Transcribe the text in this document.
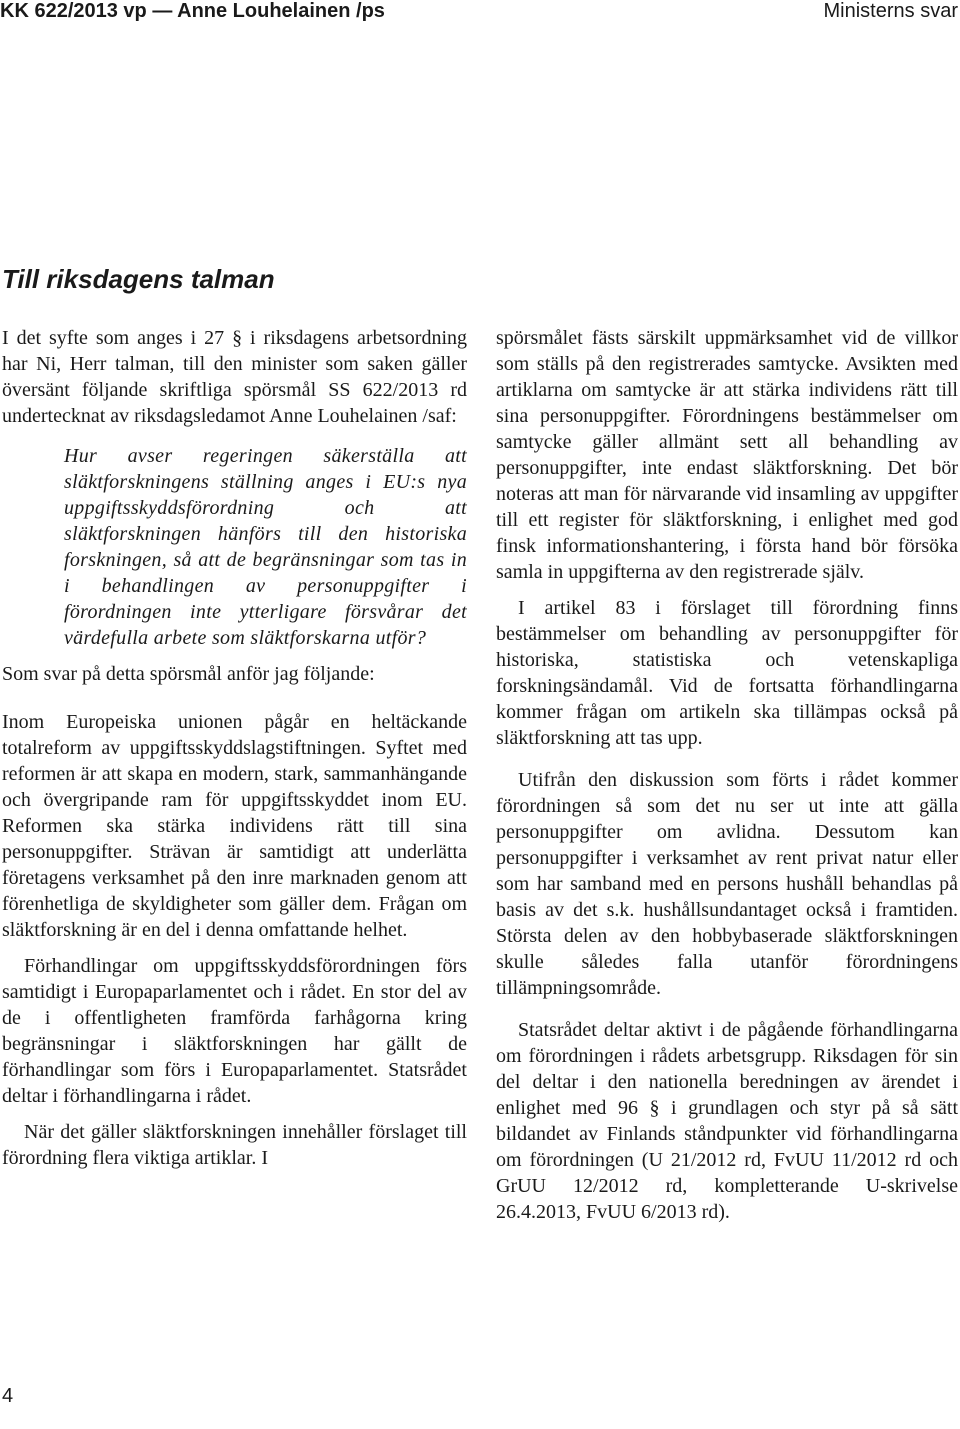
KK 622/2013 vp — Anne Louhelainen /ps	Ministerns svar
Till riksdagens talman

I det syfte som anges i 27 § i riksdagens arbetsordning har Ni, Herr talman, till den minister som saken gäller översänt följande skriftliga spörsmål SS 622/2013 rd undertecknat av riksdagsledamot Anne Louhelainen /saf:

Hur avser regeringen säkerställa att släktforskningens ställning anges i EU:s nya uppgiftsskyddsförordning och att släktforskningen hänförs till den historiska forskningen, så att de begränsningar som tas in i behandlingen av personuppgifter i förordningen inte ytterligare försvårar det värdefulla arbete som släktforskarna utför?

Som svar på detta spörsmål anför jag följande:

Inom Europeiska unionen pågår en heltäckande totalreform av uppgiftsskyddslagstiftningen. Syftet med reformen är att skapa en modern, stark, sammanhängande och övergripande ram för uppgiftsskyddet inom EU. Reformen ska stärka individens rätt till sina personuppgifter. Strävan är samtidigt att underlätta företagens verksamhet på den inre marknaden genom att förenhetliga de skyldigheter som gäller dem. Frågan om släktforskning är en del i denna omfattande helhet.

Förhandlingar om uppgiftsskyddsförordningen förs samtidigt i Europaparlamentet och i rådet. En stor del av de i offentligheten framförda farhågorna kring begränsningar i släktforskningen har gällt de förhandlingar som förs i Europaparlamentet. Statsrådet deltar i förhandlingarna i rådet.

När det gäller släktforskningen innehåller förslaget till förordning flera viktiga artiklar. I

spörsmålet fästs särskilt uppmärksamhet vid de villkor som ställs på den registrerades samtycke. Avsikten med artiklarna om samtycke är att stärka individens rätt till sina personuppgifter. Förordningens bestämmelser om samtycke gäller allmänt sett all behandling av personuppgifter, inte endast släktforskning. Det bör noteras att man för närvarande vid insamling av uppgifter till ett register för släktforskning, i enlighet med god finsk informationshantering, i första hand bör försöka samla in uppgifterna av den registrerade själv.

I artikel 83 i förslaget till förordning finns bestämmelser om behandling av personuppgifter för historiska, statistiska och vetenskapliga forskningsändamål. Vid de fortsatta förhandlingarna kommer frågan om artikeln ska tillämpas också på släktforskning att tas upp.

Utifrån den diskussion som förts i rådet kommer förordningen så som det nu ser ut inte att gälla personuppgifter om avlidna. Dessutom kan personuppgifter i verksamhet av rent privat natur eller som har samband med en persons hushåll behandlas på basis av det s.k. hushållsundantaget också i framtiden. Största delen av den hobbybaserade släktforskningen skulle således falla utanför förordningens tillämpningsområde.

Statsrådet deltar aktivt i de pågående förhandlingarna om förordningen i rådets arbetsgrupp. Riksdagen för sin del deltar i den nationella beredningen av ärendet i enlighet med 96 § i grundlagen och styr på så sätt bildandet av Finlands ståndpunkter vid förhandlingarna om förordningen (U 21/2012 rd, FvUU 11/2012 rd och GrUU 12/2012 rd, kompletterande U-skrivelse 26.4.2013, FvUU 6/2013 rd).

4
